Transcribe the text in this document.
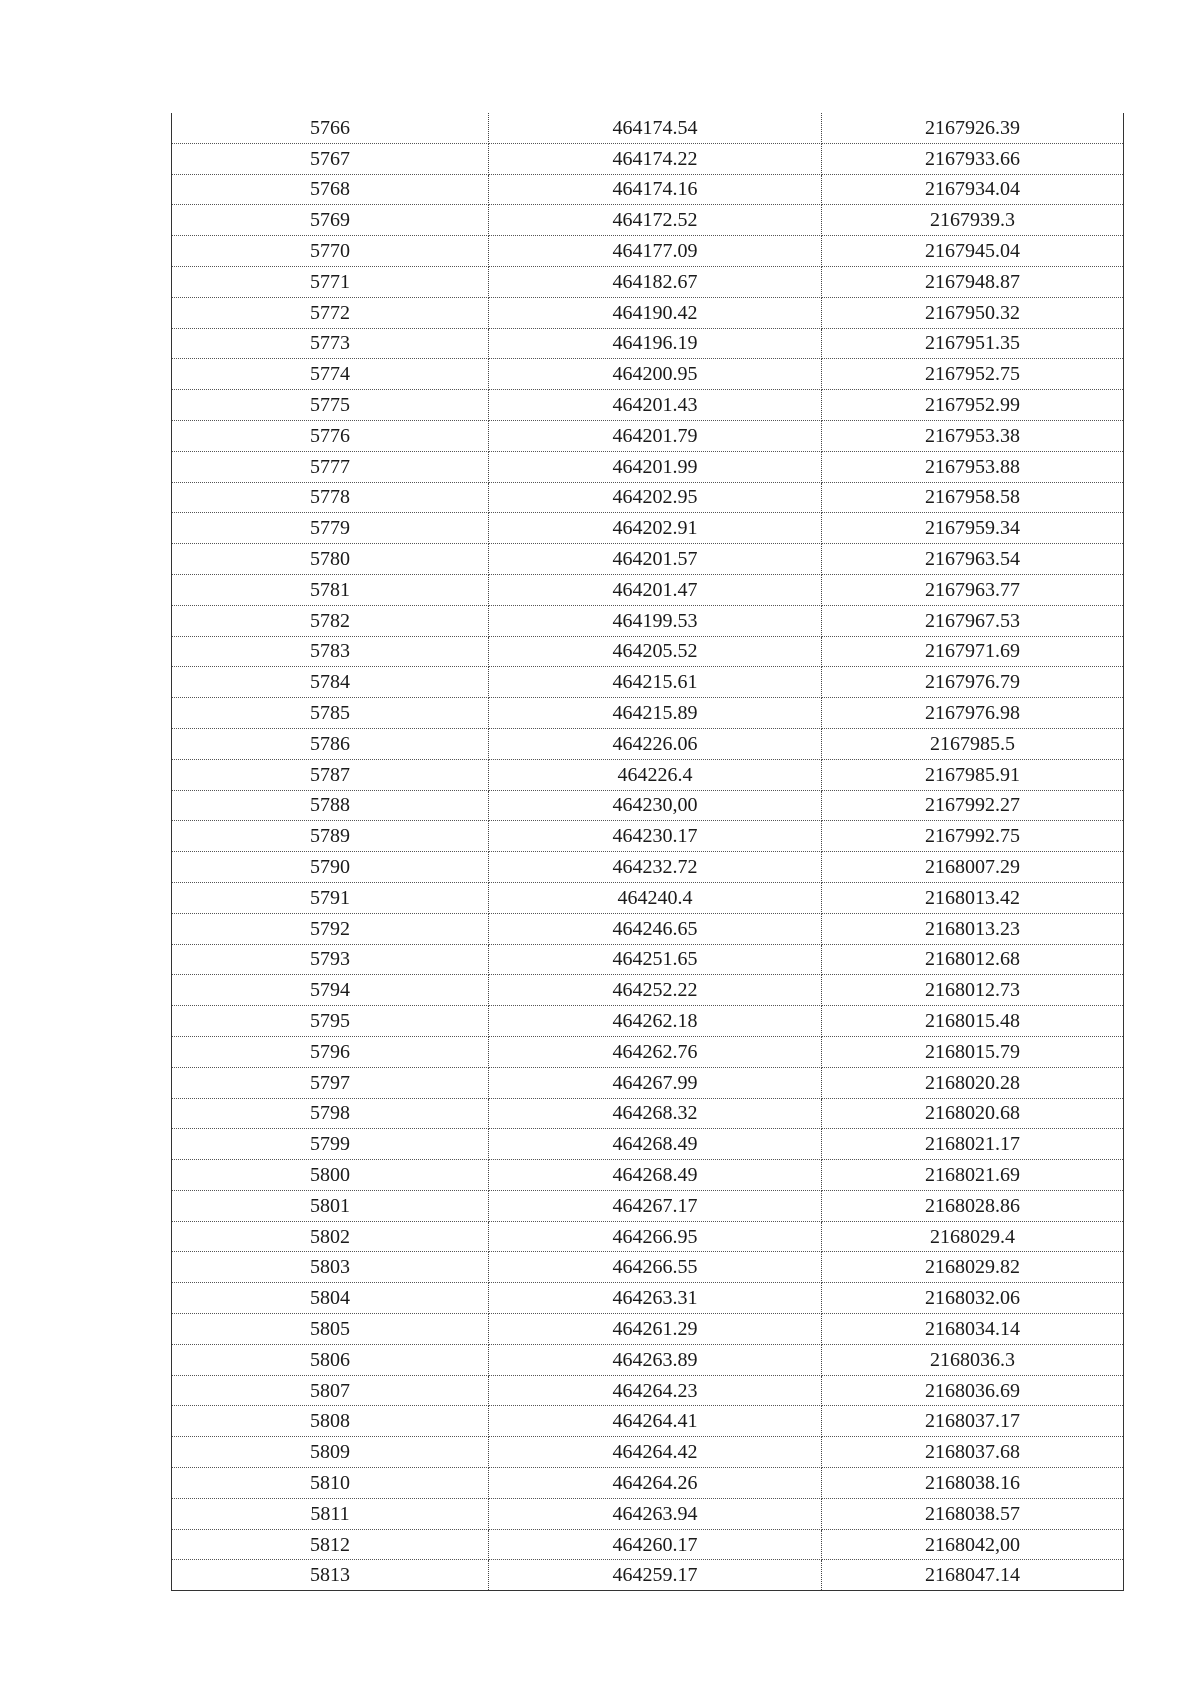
5766	464174.54	2167926.39
5767	464174.22	2167933.66
5768	464174.16	2167934.04
5769	464172.52	2167939.3
5770	464177.09	2167945.04
5771	464182.67	2167948.87
5772	464190.42	2167950.32
5773	464196.19	2167951.35
5774	464200.95	2167952.75
5775	464201.43	2167952.99
5776	464201.79	2167953.38
5777	464201.99	2167953.88
5778	464202.95	2167958.58
5779	464202.91	2167959.34
5780	464201.57	2167963.54
5781	464201.47	2167963.77
5782	464199.53	2167967.53
5783	464205.52	2167971.69
5784	464215.61	2167976.79
5785	464215.89	2167976.98
5786	464226.06	2167985.5
5787	464226.4	2167985.91
5788	464230,00	2167992.27
5789	464230.17	2167992.75
5790	464232.72	2168007.29
5791	464240.4	2168013.42
5792	464246.65	2168013.23
5793	464251.65	2168012.68
5794	464252.22	2168012.73
5795	464262.18	2168015.48
5796	464262.76	2168015.79
5797	464267.99	2168020.28
5798	464268.32	2168020.68
5799	464268.49	2168021.17
5800	464268.49	2168021.69
5801	464267.17	2168028.86
5802	464266.95	2168029.4
5803	464266.55	2168029.82
5804	464263.31	2168032.06
5805	464261.29	2168034.14
5806	464263.89	2168036.3
5807	464264.23	2168036.69
5808	464264.41	2168037.17
5809	464264.42	2168037.68
5810	464264.26	2168038.16
5811	464263.94	2168038.57
5812	464260.17	2168042,00
5813	464259.17	2168047.14
